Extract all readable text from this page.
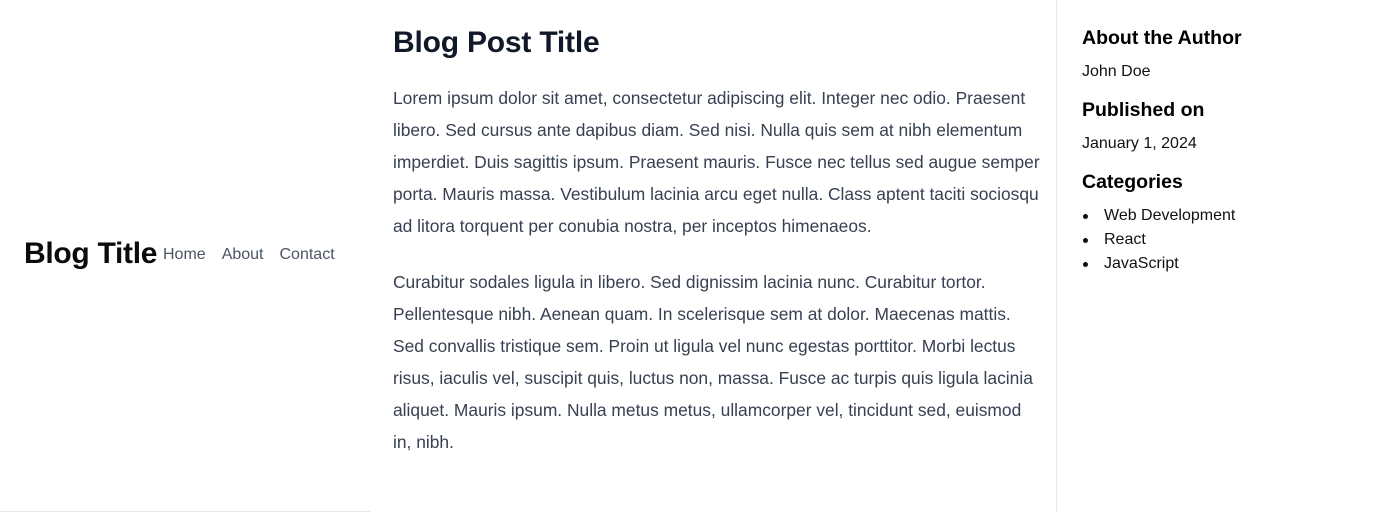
Blog Title Home About Contact
Blog Post Title

Lorem ipsum dolor sit amet, consectetur adipiscing elit. Integer nec odio. Praesent libero. Sed cursus ante dapibus diam. Sed nisi. Nulla quis sem at nibh elementum imperdiet. Duis sagittis ipsum. Praesent mauris. Fusce nec tellus sed augue semper porta. Mauris massa. Vestibulum lacinia arcu eget nulla. Class aptent taciti sociosqu ad litora torquent per conubia nostra, per inceptos himenaeos.

Curabitur sodales ligula in libero. Sed dignissim lacinia nunc. Curabitur tortor. Pellentesque nibh. Aenean quam. In scelerisque sem at dolor. Maecenas mattis. Sed convallis tristique sem. Proin ut ligula vel nunc egestas porttitor. Morbi lectus risus, iaculis vel, suscipit quis, luctus non, massa. Fusce ac turpis quis ligula lacinia aliquet. Mauris ipsum. Nulla metus metus, ullamcorper vel, tincidunt sed, euismod in, nibh.

About the Author

John Doe

Published on

January 1, 2024

Categories
Web Development
React
JavaScript
